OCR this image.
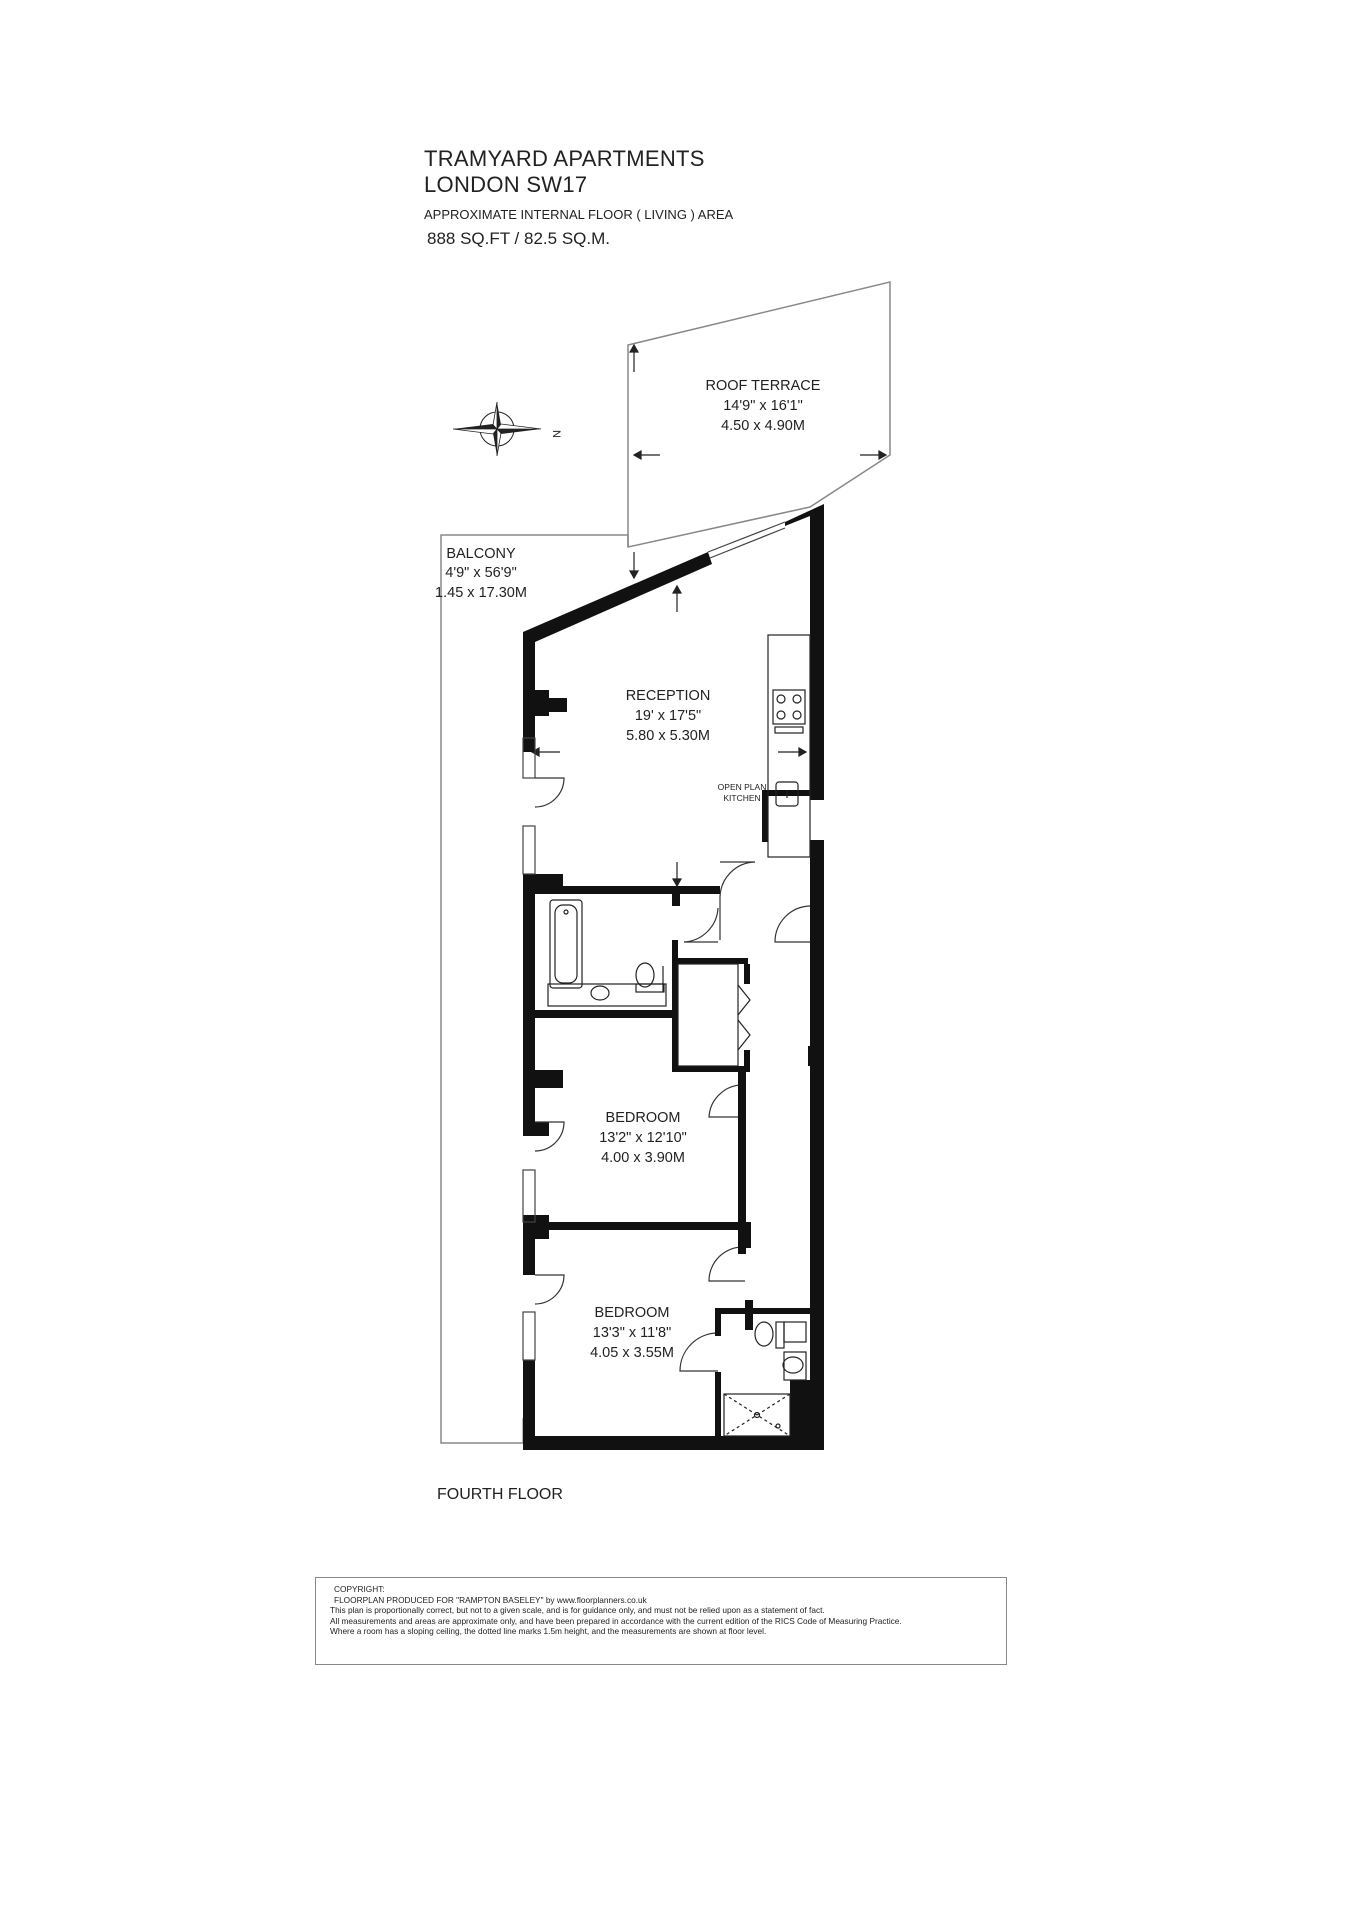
TRAMYARD APARTMENTS
LONDON SW17
APPROXIMATE INTERNAL FLOOR ( LIVING ) AREA
888 SQ.FT / 82.5 SQ.M.
N
ROOF TERRACE
14'9" x 16'1"
4.50 x 4.90M
BALCONY
4'9" x 56'9"
1.45 x 17.30M
RECEPTION
19' x 17'5"
5.80 x 5.30M
OPEN PLAN
KITCHEN
BEDROOM
13'2" x 12'10"
4.00 x 3.90M
BEDROOM
13'3" x 11'8"
4.05 x 3.55M
FOURTH FLOOR
COPYRIGHT:
FLOORPLAN PRODUCED FOR "RAMPTON BASELEY" by www.floorplanners.co.uk
This plan is proportionally correct, but not to a given scale, and is for guidance only, and must not be relied upon as a statement of fact.
All measurements and areas are approximate only, and have been prepared in accordance with the current edition of the RICS Code of Measuring Practice.
Where a room has a sloping ceiling, the dotted line marks 1.5m height, and the measurements are shown at floor level.
